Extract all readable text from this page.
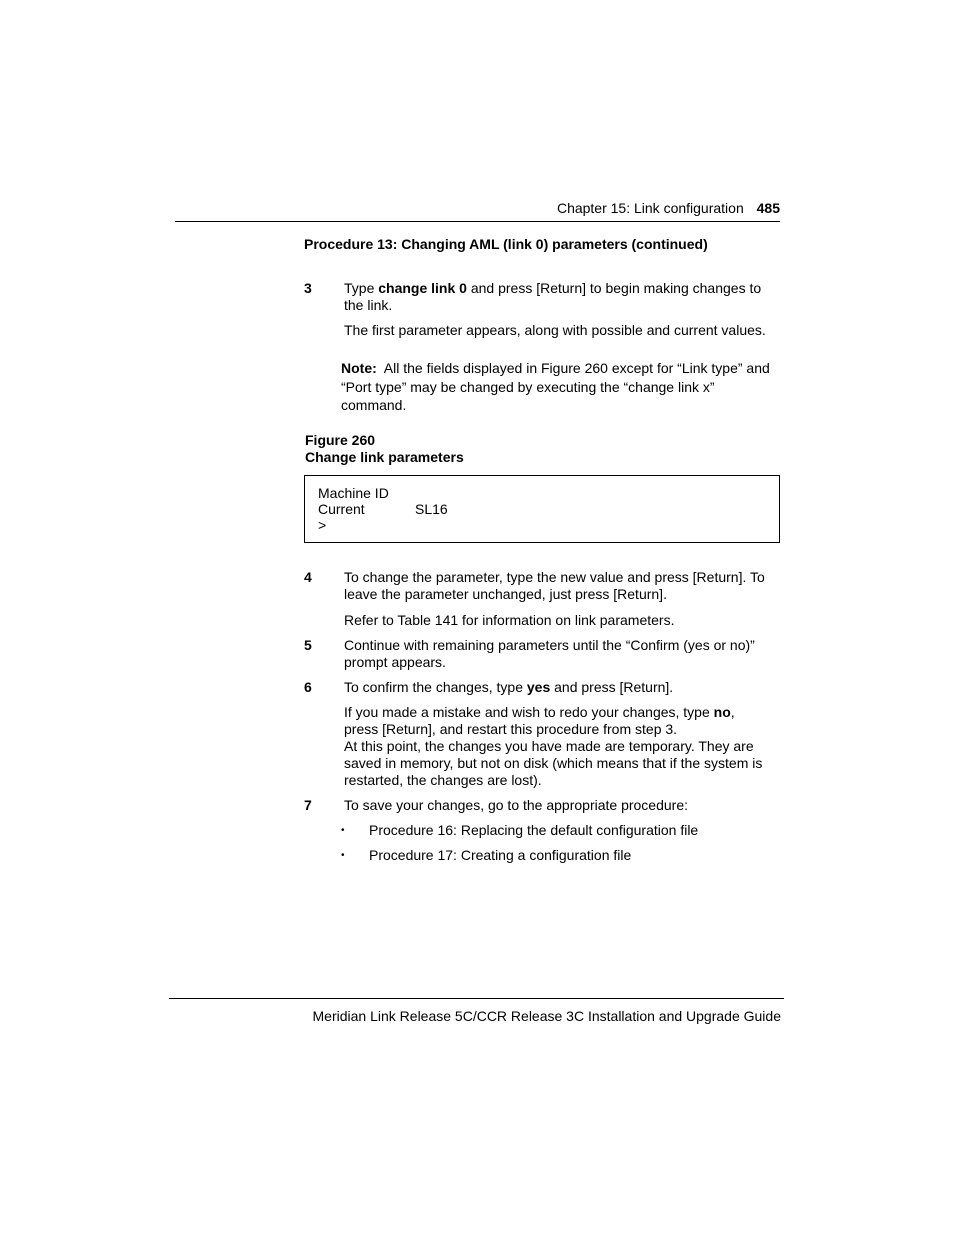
Chapter 15: Link configuration 485
Procedure 13: Changing AML (link 0) parameters (continued)
3 Type change link 0 and press [Return] to begin making changes to the link.
The first parameter appears, along with possible and current values.
Note: All the fields displayed in Figure 260 except for “Link type” and “Port type” may be changed by executing the “change link x” command.
Figure 260
Change link parameters
Machine ID
Current	SL16
>
4 To change the parameter, type the new value and press [Return]. To leave the parameter unchanged, just press [Return].
Refer to Table 141 for information on link parameters.
5 Continue with remaining parameters until the “Confirm (yes or no)” prompt appears.
6 To confirm the changes, type yes and press [Return].
If you made a mistake and wish to redo your changes, type no, press [Return], and restart this procedure from step 3.
At this point, the changes you have made are temporary. They are saved in memory, but not on disk (which means that if the system is restarted, the changes are lost).
7 To save your changes, go to the appropriate procedure:
• Procedure 16: Replacing the default configuration file
• Procedure 17: Creating a configuration file
Meridian Link Release 5C/CCR Release 3C Installation and Upgrade Guide
